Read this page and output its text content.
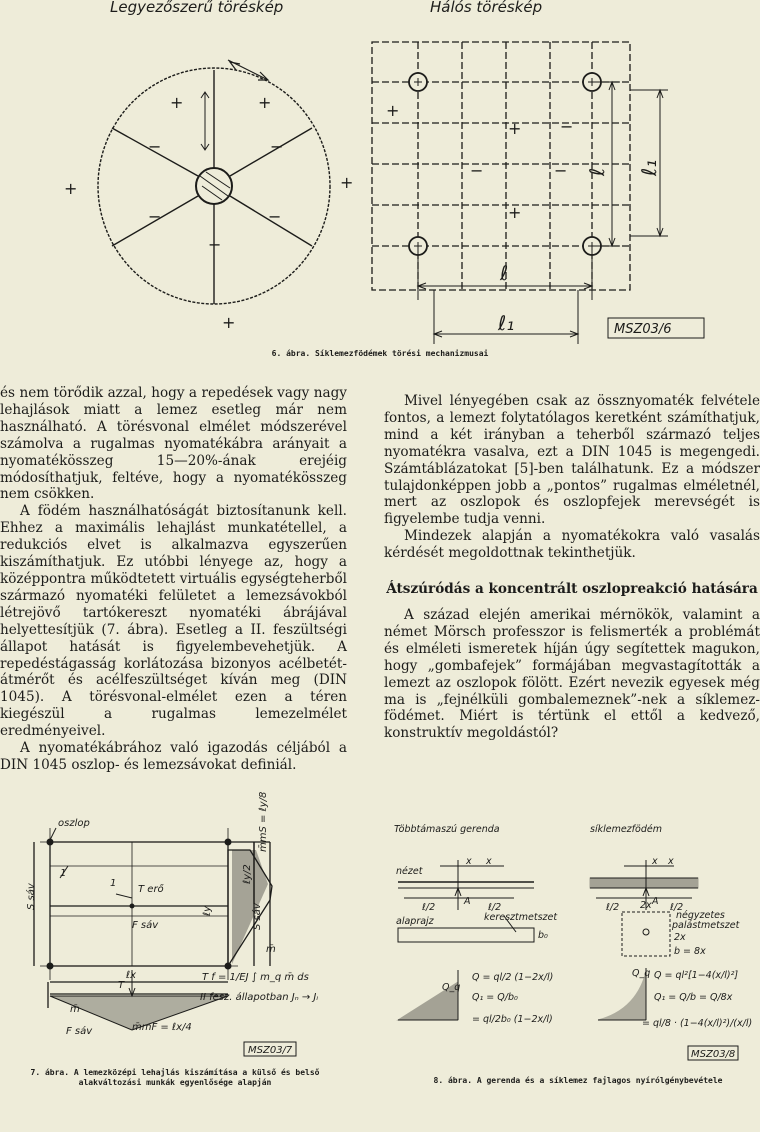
Legyezőszerű töréskép	Hálós töréskép
+	+
+
+	+
−	−
−	−
−
+
+
+
−	−
−
ℓ ℓ₁
ℓ
ℓ₁	MSZ03/6
6. ábra. Síklemezfödémek törési mechanizmusai

és nem törődik azzal, hogy a repedések vagy nagy lehajlások miatt a lemez esetleg már nem használható. A törésvonal elmélet módszerével számolva a rugalmas nyomatékábra arányait a nyomatékösszeg 15—20%-ának erejéig módosíthatjuk, feltéve, hogy a nyomatékösszeg nem csökken.

A födém használhatóságát biztosítanunk kell. Ehhez a maximális lehajlást munkatétellel, a redukciós elvet is alkalmazva egyszerűen kiszámíthatjuk. Ez utóbbi lényege az, hogy a középpontra működtetett virtuális egységteherből származó nyomatéki felületet a lemezsávokból létrejövő tartókereszt nyomatéki ábrájával helyettesítjük (7. ábra). Esetleg a II. feszültségi állapot hatását is figyelembevehetjük. A repedéstágasság korlátozása bizonyos acélbetét-átmérőt és acélfeszültséget kíván meg (DIN 1045). A törésvonal-elmélet ezen a téren kiegészül a rugalmas lemezelmélet eredményeivel.

A nyomatékábrához való igazodás céljából a DIN 1045 oszlop- és lemezsávokat definiál.

Mivel lényegében csak az össznyomaték felvétele fontos, a lemezt folytatólagos keretként számíthatjuk, mind a két irányban a teherből származó teljes nyomatékra vasalva, ezt a DIN 1045 is megengedi. Számtáblázatokat [5]-ben találhatunk. Ez a módszer tulajdonképpen jobb a „pontos” rugalmas elméletnél, mert az oszlopok és oszlopfejek merevségét is figyelembe tudja venni.

Mindezek alapján a nyomatékokra való vasalás kérdését megoldottnak tekinthetjük.

Átszúródás a koncentrált oszlopreakció hatására

A század elején amerikai mérnökök, valamint a német Mörsch professzor is felismerték a problémát és elméleti ismeretek híján úgy segítettek magukon, hogy „gombafejek” formájában megvastagították a lemezt az oszlopok fölött. Ezért nevezik egyesek még ma is „fejnélküli gombalemeznek”-nek a síklemez-födémet. Miért is tértünk el ettől a kedvező, konstruktív megoldástól?

oszlop
T erő
F sáv
1
1
T
ℓx
m̄
F sáv	m̄mF = ℓx/4
T f = 1/EJ ∫ m_q m̄ ds
II fesz. állapotban Jₙ → Jᵢ
m̄
S sáv
S sáv
ℓy
ℓy/2
m̄mS = ℓy/8
MSZ03/7
7. ábra. A lemezközépi lehajlás kiszámítása a külső és belső alakváltozási munkák egyenlősége alapján
Többtámaszú gerenda	síklemezfödém
nézet
x x
ℓ/2	ℓ/2
A
alaprajz	keresztmetszet
b₀
Q_q
Q = ql/2 (1−2x/l)
Q₁ = Q/b₀
= ql/2b₀ (1−2x/l)
x x
ℓ/2	ℓ/2
A
2x
négyzetes
palástmetszet
2x
b = 8x
Q_q Q = ql²[1−4(x/l)²]
Q₁ = Q/b = Q/8x
= ql/8 · (1−4(x/l)²)/(x/l)
MSZ03/8
8. ábra. A gerenda és a síklemez fajlagos nyírólgénybevétele
